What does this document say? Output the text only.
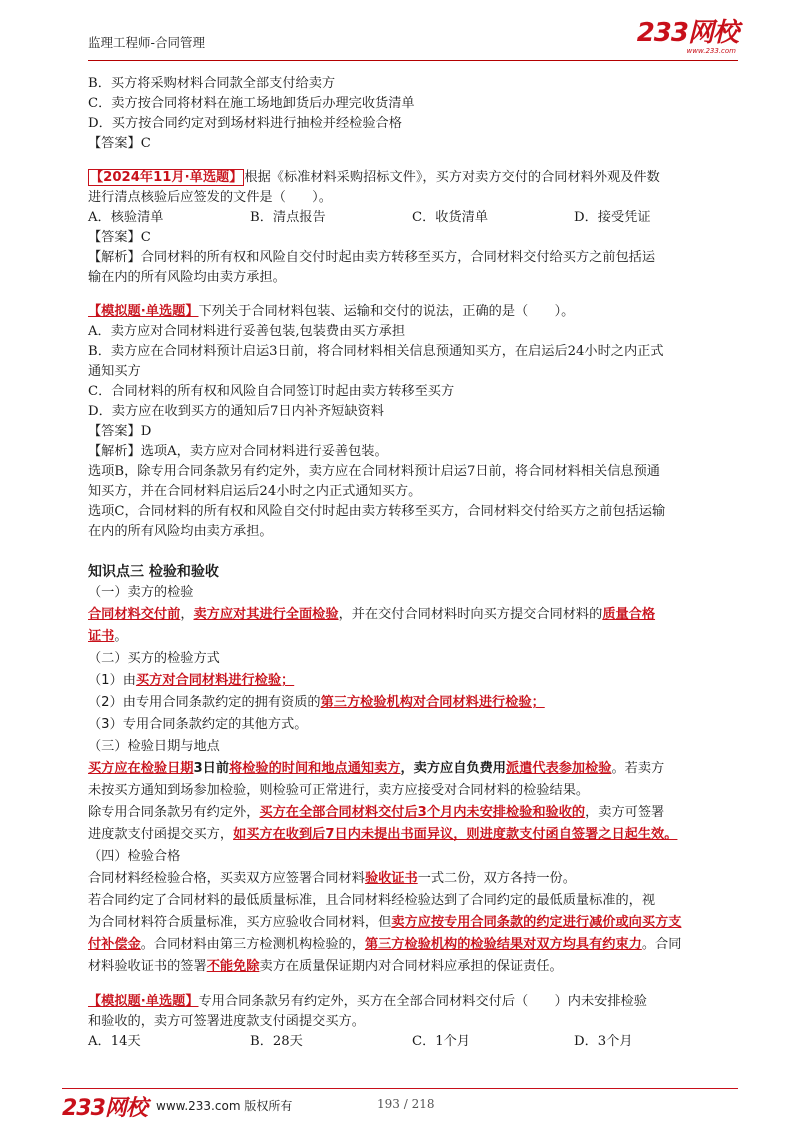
监理工程师-合同管理	233网校
www.233.com
B．买方将采购材料合同款全部支付给卖方
C．卖方按合同将材料在施工场地卸货后办理完收货清单
D．买方按合同约定对到场材料进行抽检并经检验合格
【答案】C
【2024年11月·单选题】 根据《标准材料采购招标文件》，买方对卖方交付的合同材料外观及件数
进行清点核验后应签发的文件是（　　）。
A．核验清单	B．清点报告	C．收货清单	D．接受凭证
【答案】C
【解析】合同材料的所有权和风险自交付时起由卖方转移至买方，合同材料交付给买方之前包括运
输在内的所有风险均由卖方承担。
【模拟题·单选题】下列关于合同材料包装、运输和交付的说法，正确的是（　　）。
A．卖方应对合同材料进行妥善包装,包装费由买方承担
B．卖方应在合同材料预计启运3日前，将合同材料相关信息预通知买方，在启运后24小时之内正式
通知买方
C．合同材料的所有权和风险自合同签订时起由卖方转移至买方
D．卖方应在收到买方的通知后7日内补齐短缺资料
【答案】D
【解析】选项A，卖方应对合同材料进行妥善包装。
选项B，除专用合同条款另有约定外，卖方应在合同材料预计启运7日前，将合同材料相关信息预通
知买方，并在合同材料启运后24小时之内正式通知买方。
选项C，合同材料的所有权和风险自交付时起由卖方转移至买方，合同材料交付给买方之前包括运输
在内的所有风险均由卖方承担。
知识点三 检验和验收
（一）卖方的检验
合同材料交付前，卖方应对其进行全面检验，并在交付合同材料时向买方提交合同材料的质量合格
证书。
（二）买方的检验方式
（1）由买方对合同材料进行检验；
（2）由专用合同条款约定的拥有资质的第三方检验机构对合同材料进行检验；
（3）专用合同条款约定的其他方式。
（三）检验日期与地点
买方应在检验日期3日前将检验的时间和地点通知卖方，卖方应自负费用派遣代表参加检验。若卖方
未按买方通知到场参加检验，则检验可正常进行，卖方应接受对合同材料的检验结果。
除专用合同条款另有约定外，买方在全部合同材料交付后3个月内未安排检验和验收的，卖方可签署
进度款支付函提交买方，如买方在收到后7日内未提出书面异议，则进度款支付函自签署之日起生效。
（四）检验合格
合同材料经检验合格，买卖双方应签署合同材料验收证书一式二份，双方各持一份。
若合同约定了合同材料的最低质量标准，且合同材料经检验达到了合同约定的最低质量标准的，视
为合同材料符合质量标准，买方应验收合同材料，但卖方应按专用合同条款的约定进行减价或向买方支
付补偿金。合同材料由第三方检测机构检验的，第三方检验机构的检验结果对双方均具有约束力。合同
材料验收证书的签署不能免除卖方在质量保证期内对合同材料应承担的保证责任。
【模拟题·单选题】专用合同条款另有约定外，买方在全部合同材料交付后（　　）内未安排检验
和验收的，卖方可签署进度款支付函提交买方。
A．14天	B．28天	C．1个月	D．3个月
233网校 www.233.com 版权所有	193 / 218
